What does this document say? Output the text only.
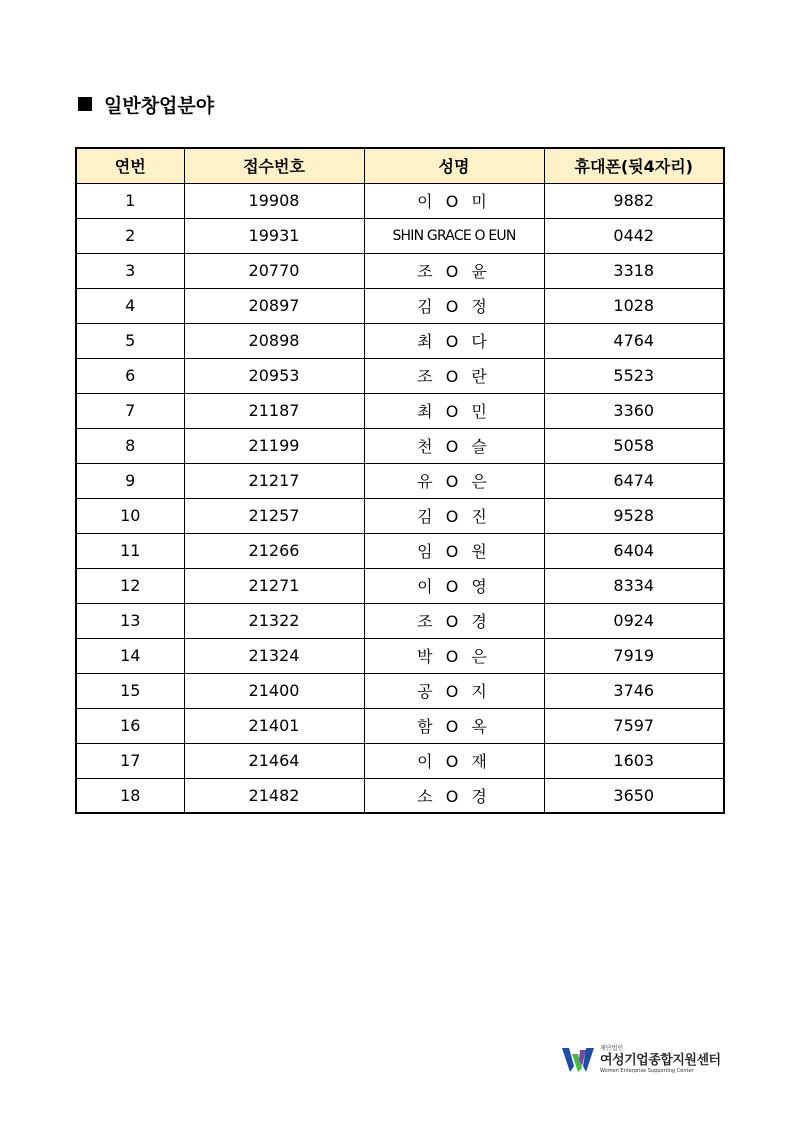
일반창업분야
연번	접수번호	성명	휴대폰(뒷4자리)
1	19908	이 O 미	9882
2	19931	SHIN GRACE O EUN	0442
3	20770	조 O 윤	3318
4	20897	김 O 정	1028
5	20898	최 O 다	4764
6	20953	조 O 란	5523
7	21187	최 O 민	3360
8	21199	천 O 슬	5058
9	21217	유 O 은	6474
10	21257	김 O 진	9528
11	21266	임 O 원	6404
12	21271	이 O 영	8334
13	21322	조 O 경	0924
14	21324	박 O 은	7919
15	21400	공 O 지	3746
16	21401	함 O 옥	7597
17	21464	이 O 재	1603
18	21482	소 O 경	3650
재단법인
여성기업종합지원센터
Women Enterprise Supporting Center
